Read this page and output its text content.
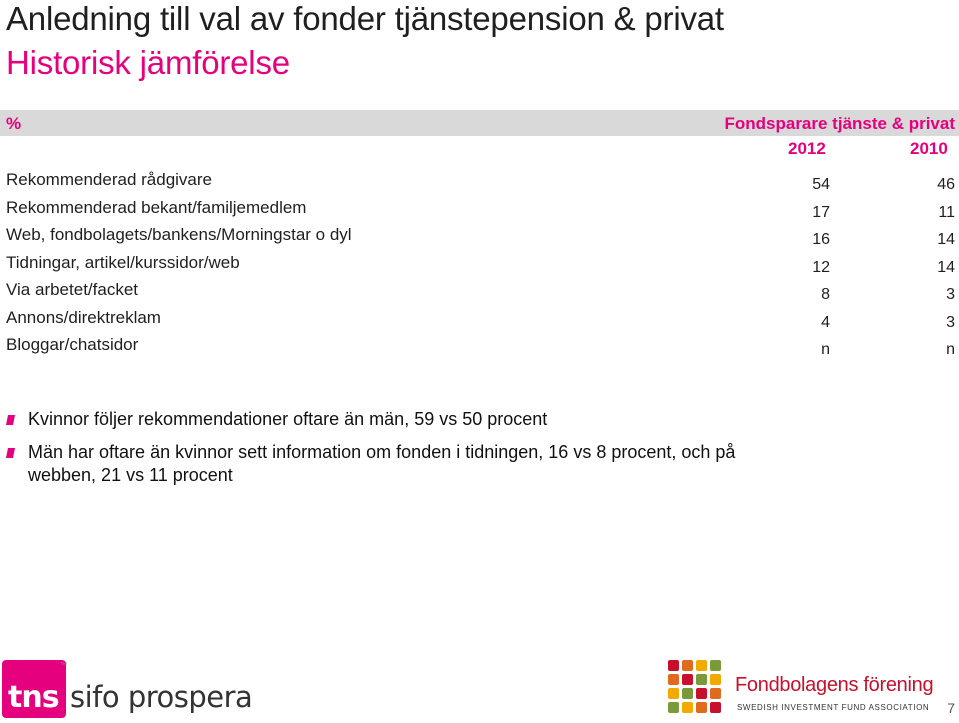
Anledning till val av fonder tjänstepension & privat
Historisk jämförelse
%	Fondsparare tjänste & privat
2012	2010
Rekommenderad rådgivare	54	46
Rekommenderad bekant/familjemedlem	17	11
Web, fondbolagets/bankens/Morningstar o dyl	16	14
Tidningar, artikel/kurssidor/web	12	14
Via arbetet/facket	8	3
Annons/direktreklam	4	3
Bloggar/chatsidor	n	n
Kvinnor följer rekommendationer oftare än män, 59 vs 50 procent
Män har oftare än kvinnor sett information om fonden i tidningen, 16 vs 8 procent, och på webben, 21 vs 11 procent
tns
™
sifo prospera	Fondbolagens förening
SWEDISH INVESTMENT FUND ASSOCIATION 7
